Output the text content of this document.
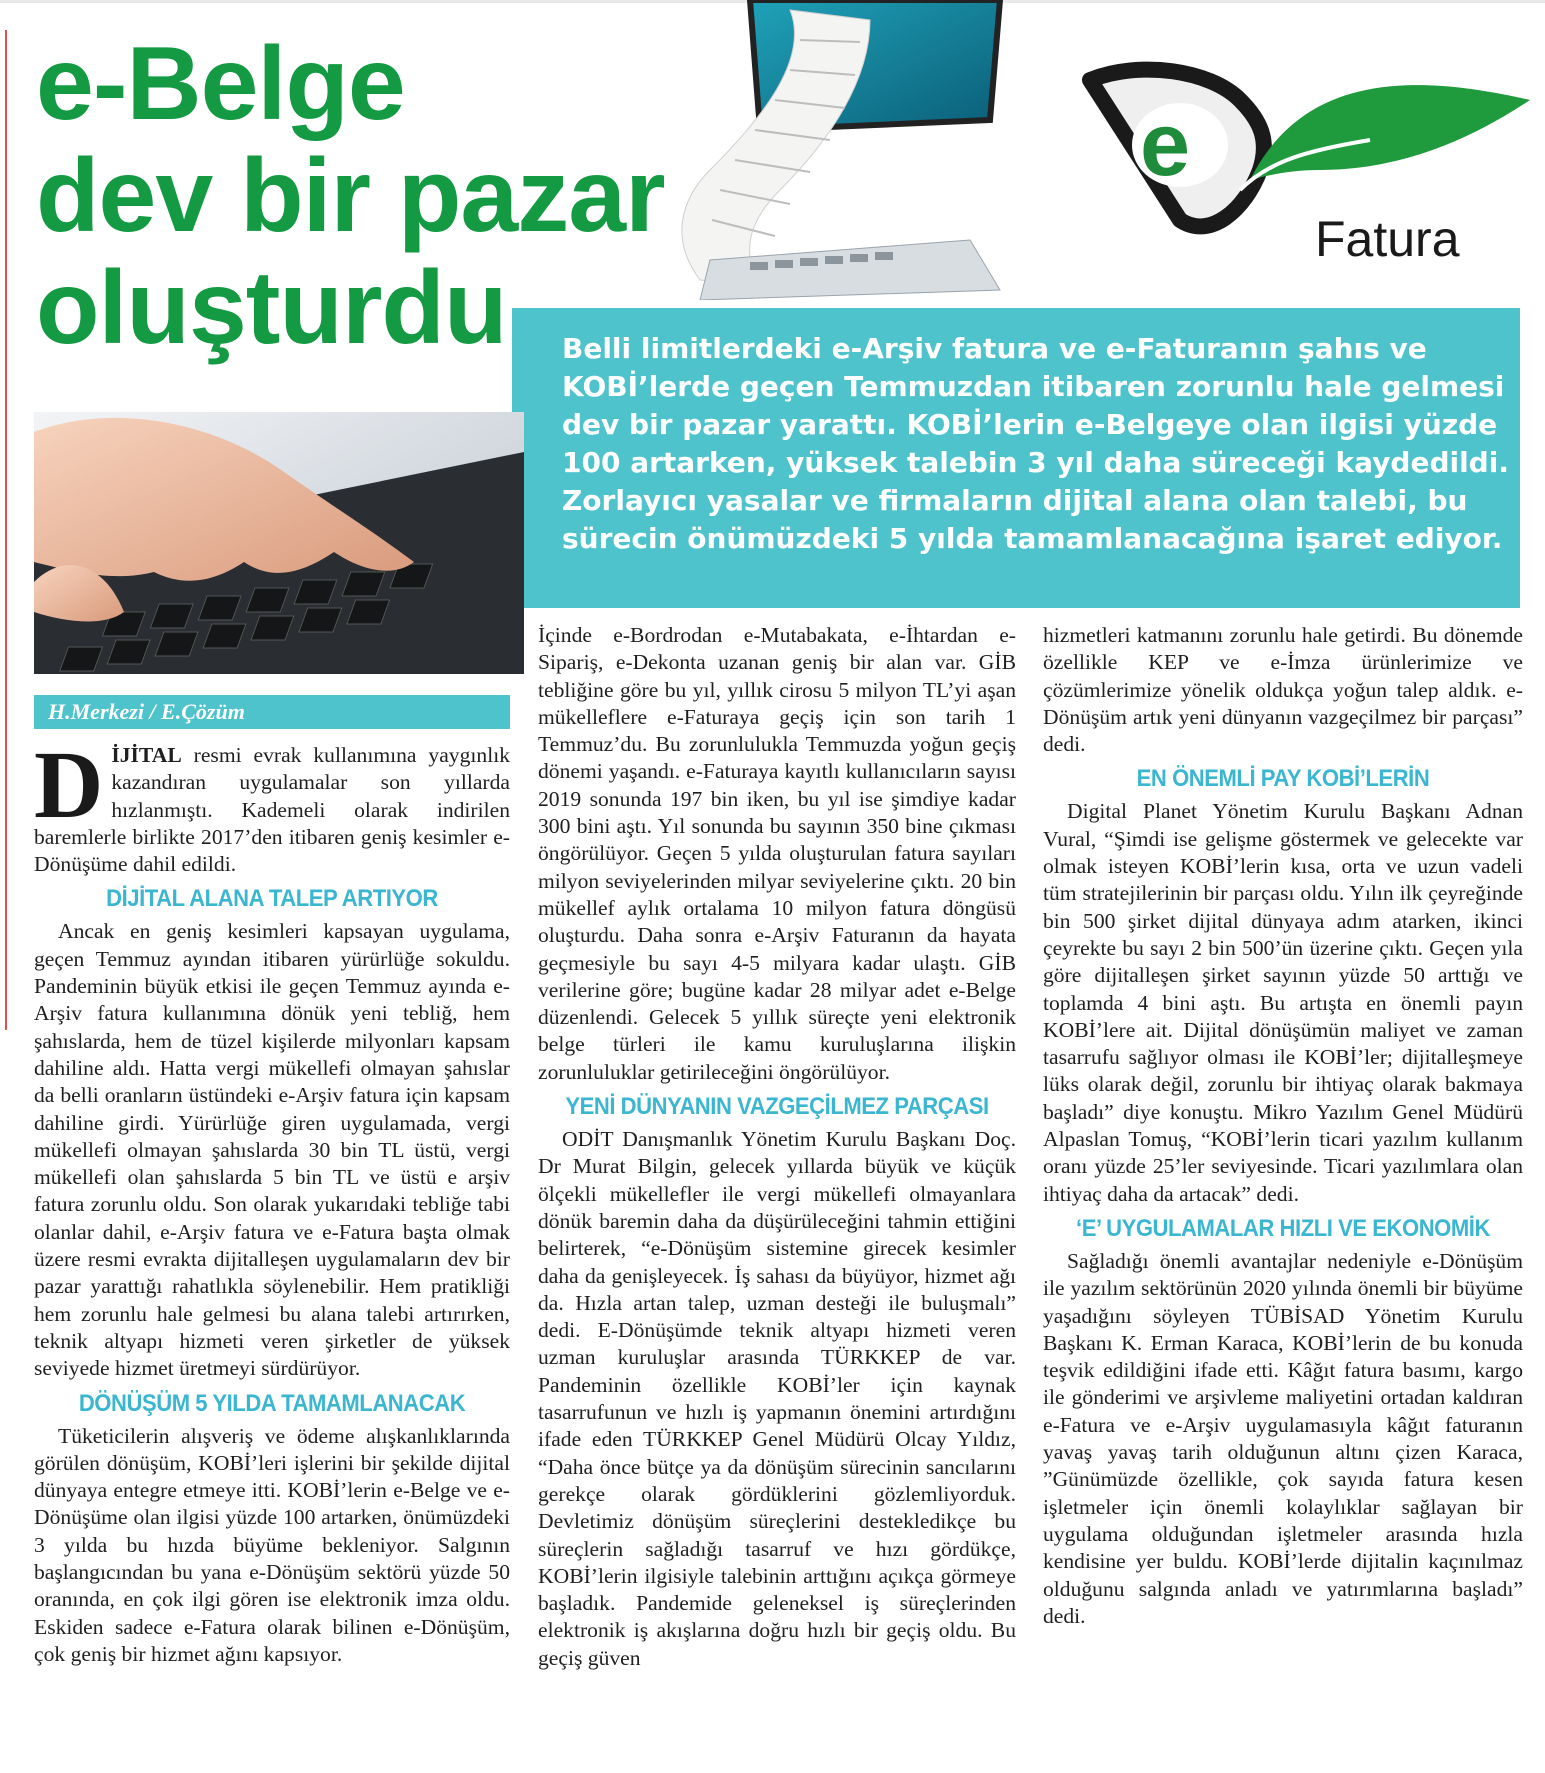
e-Belge
dev bir pazar
oluşturdu
e
Fatura
Belli limitlerdeki e-Arşiv fatura ve e-Faturanın şahıs ve KOBİ’lerde geçen Temmuzdan itibaren zorunlu hale gelmesi dev bir pazar yarattı. KOBİ’lerin e-Belgeye olan ilgisi yüzde 100 artarken, yüksek talebin 3 yıl daha süreceği kaydedildi. Zorlayıcı yasalar ve firmaların dijital alana olan talebi, bu sürecin önümüzdeki 5 yılda tamamlanacağına işaret ediyor.
H.Merkezi / E.Çözüm

DİJİTAL resmi evrak kullanımına yaygınlık kazandıran uygulamalar son yıllarda hızlanmıştı. Kademeli olarak indirilen baremlerle birlikte 2017’den itibaren geniş kesimler e-Dönüşüme dahil edildi.

DİJİTAL ALANA TALEP ARTIYOR

Ancak en geniş kesimleri kapsayan uygulama, geçen Temmuz ayından itibaren yürürlüğe sokuldu. Pandeminin büyük etkisi ile geçen Temmuz ayında e-Arşiv fatura kullanımına dönük yeni tebliğ, hem şahıslarda, hem de tüzel kişilerde milyonları kapsam dahiline aldı. Hatta vergi mükellefi olmayan şahıslar da belli oranların üstündeki e-Arşiv fatura için kapsam dahiline girdi. Yürürlüğe giren uygulamada, vergi mükellefi olmayan şahıslarda 30 bin TL üstü, vergi mükellefi olan şahıslarda 5 bin TL ve üstü e arşiv fatura zorunlu oldu. Son olarak yukarıdaki tebliğe tabi olanlar dahil, e-Arşiv fatura ve e-Fatura başta olmak üzere resmi evrakta dijitalleşen uygulamaların dev bir pazar yarattığı rahatlıkla söylenebilir. Hem pratikliği hem zorunlu hale gelmesi bu alana talebi artırırken, teknik altyapı hizmeti veren şirketler de yüksek seviyede hizmet üretmeyi sürdürüyor.

DÖNÜŞÜM 5 YILDA TAMAMLANACAK

Tüketicilerin alışveriş ve ödeme alışkanlıklarında görülen dönüşüm, KOBİ’leri işlerini bir şekilde dijital dünyaya entegre etmeye itti. KOBİ’lerin e-Belge ve e-Dönüşüme olan ilgisi yüzde 100 artarken, önümüzdeki 3 yılda bu hızda büyüme bekleniyor. Salgının başlangıcından bu yana e-Dönüşüm sektörü yüzde 50 oranında, en çok ilgi gören ise elektronik imza oldu. Eskiden sadece e-Fatura olarak bilinen e-Dönüşüm, çok geniş bir hizmet ağını kapsıyor.

İçinde e-Bordrodan e-Mutabakata, e-İhtardan e-Sipariş, e-Dekonta uzanan geniş bir alan var. GİB tebliğine göre bu yıl, yıllık cirosu 5 milyon TL’yi aşan mükelleflere e-Faturaya geçiş için son tarih 1 Temmuz’du. Bu zorunlulukla Temmuzda yoğun geçiş dönemi yaşandı. e-Faturaya kayıtlı kullanıcıların sayısı 2019 sonunda 197 bin iken, bu yıl ise şimdiye kadar 300 bini aştı. Yıl sonunda bu sayının 350 bine çıkması öngörülüyor. Geçen 5 yılda oluşturulan fatura sayıları milyon seviyelerinden milyar seviyelerine çıktı. 20 bin mükellef aylık ortalama 10 milyon fatura döngüsü oluşturdu. Daha sonra e-Arşiv Faturanın da hayata geçmesiyle bu sayı 4-5 milyara kadar ulaştı. GİB verilerine göre; bugüne kadar 28 milyar adet e-Belge düzenlendi. Gelecek 5 yıllık süreçte yeni elektronik belge türleri ile kamu kuruluşlarına ilişkin zorunluluklar getirileceğini öngörülüyor.

YENİ DÜNYANIN VAZGEÇİLMEZ PARÇASI

ODİT Danışmanlık Yönetim Kurulu Başkanı Doç. Dr Murat Bilgin, gelecek yıllarda büyük ve küçük ölçekli mükellefler ile vergi mükellefi olmayanlara dönük baremin daha da düşürüleceğini tahmin ettiğini belirterek, “e-Dönüşüm sistemine girecek kesimler daha da genişleyecek. İş sahası da büyüyor, hizmet ağı da. Hızla artan talep, uzman desteği ile buluşmalı” dedi. E-Dönüşümde teknik altyapı hizmeti veren uzman kuruluşlar arasında TÜRKKEP de var. Pandeminin özellikle KOBİ’ler için kaynak tasarrufunun ve hızlı iş yapmanın önemini artırdığını ifade eden TÜRKKEP Genel Müdürü Olcay Yıldız, “Daha önce bütçe ya da dönüşüm sürecinin sancılarını gerekçe olarak gördüklerini gözlemliyorduk. Devletimiz dönüşüm süreçlerini destekledikçe bu süreçlerin sağladığı tasarruf ve hızı gördükçe, KOBİ’lerin ilgisiyle talebinin arttığını açıkça görmeye başladık. Pandemide geleneksel iş süreçlerinden elektronik iş akışlarına doğru hızlı bir geçiş oldu. Bu geçiş güven

hizmetleri katmanını zorunlu hale getirdi. Bu dönemde özellikle KEP ve e-İmza ürünlerimize ve çözümlerimize yönelik oldukça yoğun talep aldık. e-Dönüşüm artık yeni dünyanın vazgeçilmez bir parçası” dedi.

EN ÖNEMLİ PAY KOBİ’LERİN

Digital Planet Yönetim Kurulu Başkanı Adnan Vural, “Şimdi ise gelişme göstermek ve gelecekte var olmak isteyen KOBİ’lerin kısa, orta ve uzun vadeli tüm stratejilerinin bir parçası oldu. Yılın ilk çeyreğinde bin 500 şirket dijital dünyaya adım atarken, ikinci çeyrekte bu sayı 2 bin 500’ün üzerine çıktı. Geçen yıla göre dijitalleşen şirket sayının yüzde 50 arttığı ve toplamda 4 bini aştı. Bu artışta en önemli payın KOBİ’lere ait. Dijital dönüşümün maliyet ve zaman tasarrufu sağlıyor olması ile KOBİ’ler; dijitalleşmeye lüks olarak değil, zorunlu bir ihtiyaç olarak bakmaya başladı” diye konuştu. Mikro Yazılım Genel Müdürü Alpaslan Tomuş, “KOBİ’lerin ticari yazılım kullanım oranı yüzde 25’ler seviyesinde. Ticari yazılımlara olan ihtiyaç daha da artacak” dedi.

‘E’ UYGULAMALAR HIZLI VE EKONOMİK

Sağladığı önemli avantajlar nedeniyle e-Dönüşüm ile yazılım sektörünün 2020 yılında önemli bir büyüme yaşadığını söyleyen TÜBİSAD Yönetim Kurulu Başkanı K. Erman Karaca, KOBİ’lerin de bu konuda teşvik edildiğini ifade etti. Kâğıt fatura basımı, kargo ile gönderimi ve arşivleme maliyetini ortadan kaldıran e-Fatura ve e-Arşiv uygulamasıyla kâğıt faturanın yavaş yavaş tarih olduğunun altını çizen Karaca, ”Günümüzde özellikle, çok sayıda fatura kesen işletmeler için önemli kolaylıklar sağlayan bir uygulama olduğundan işletmeler arasında hızla kendisine yer buldu. KOBİ’lerde dijitalin kaçınılmaz olduğunu salgında anladı ve yatırımlarına başladı” dedi.
